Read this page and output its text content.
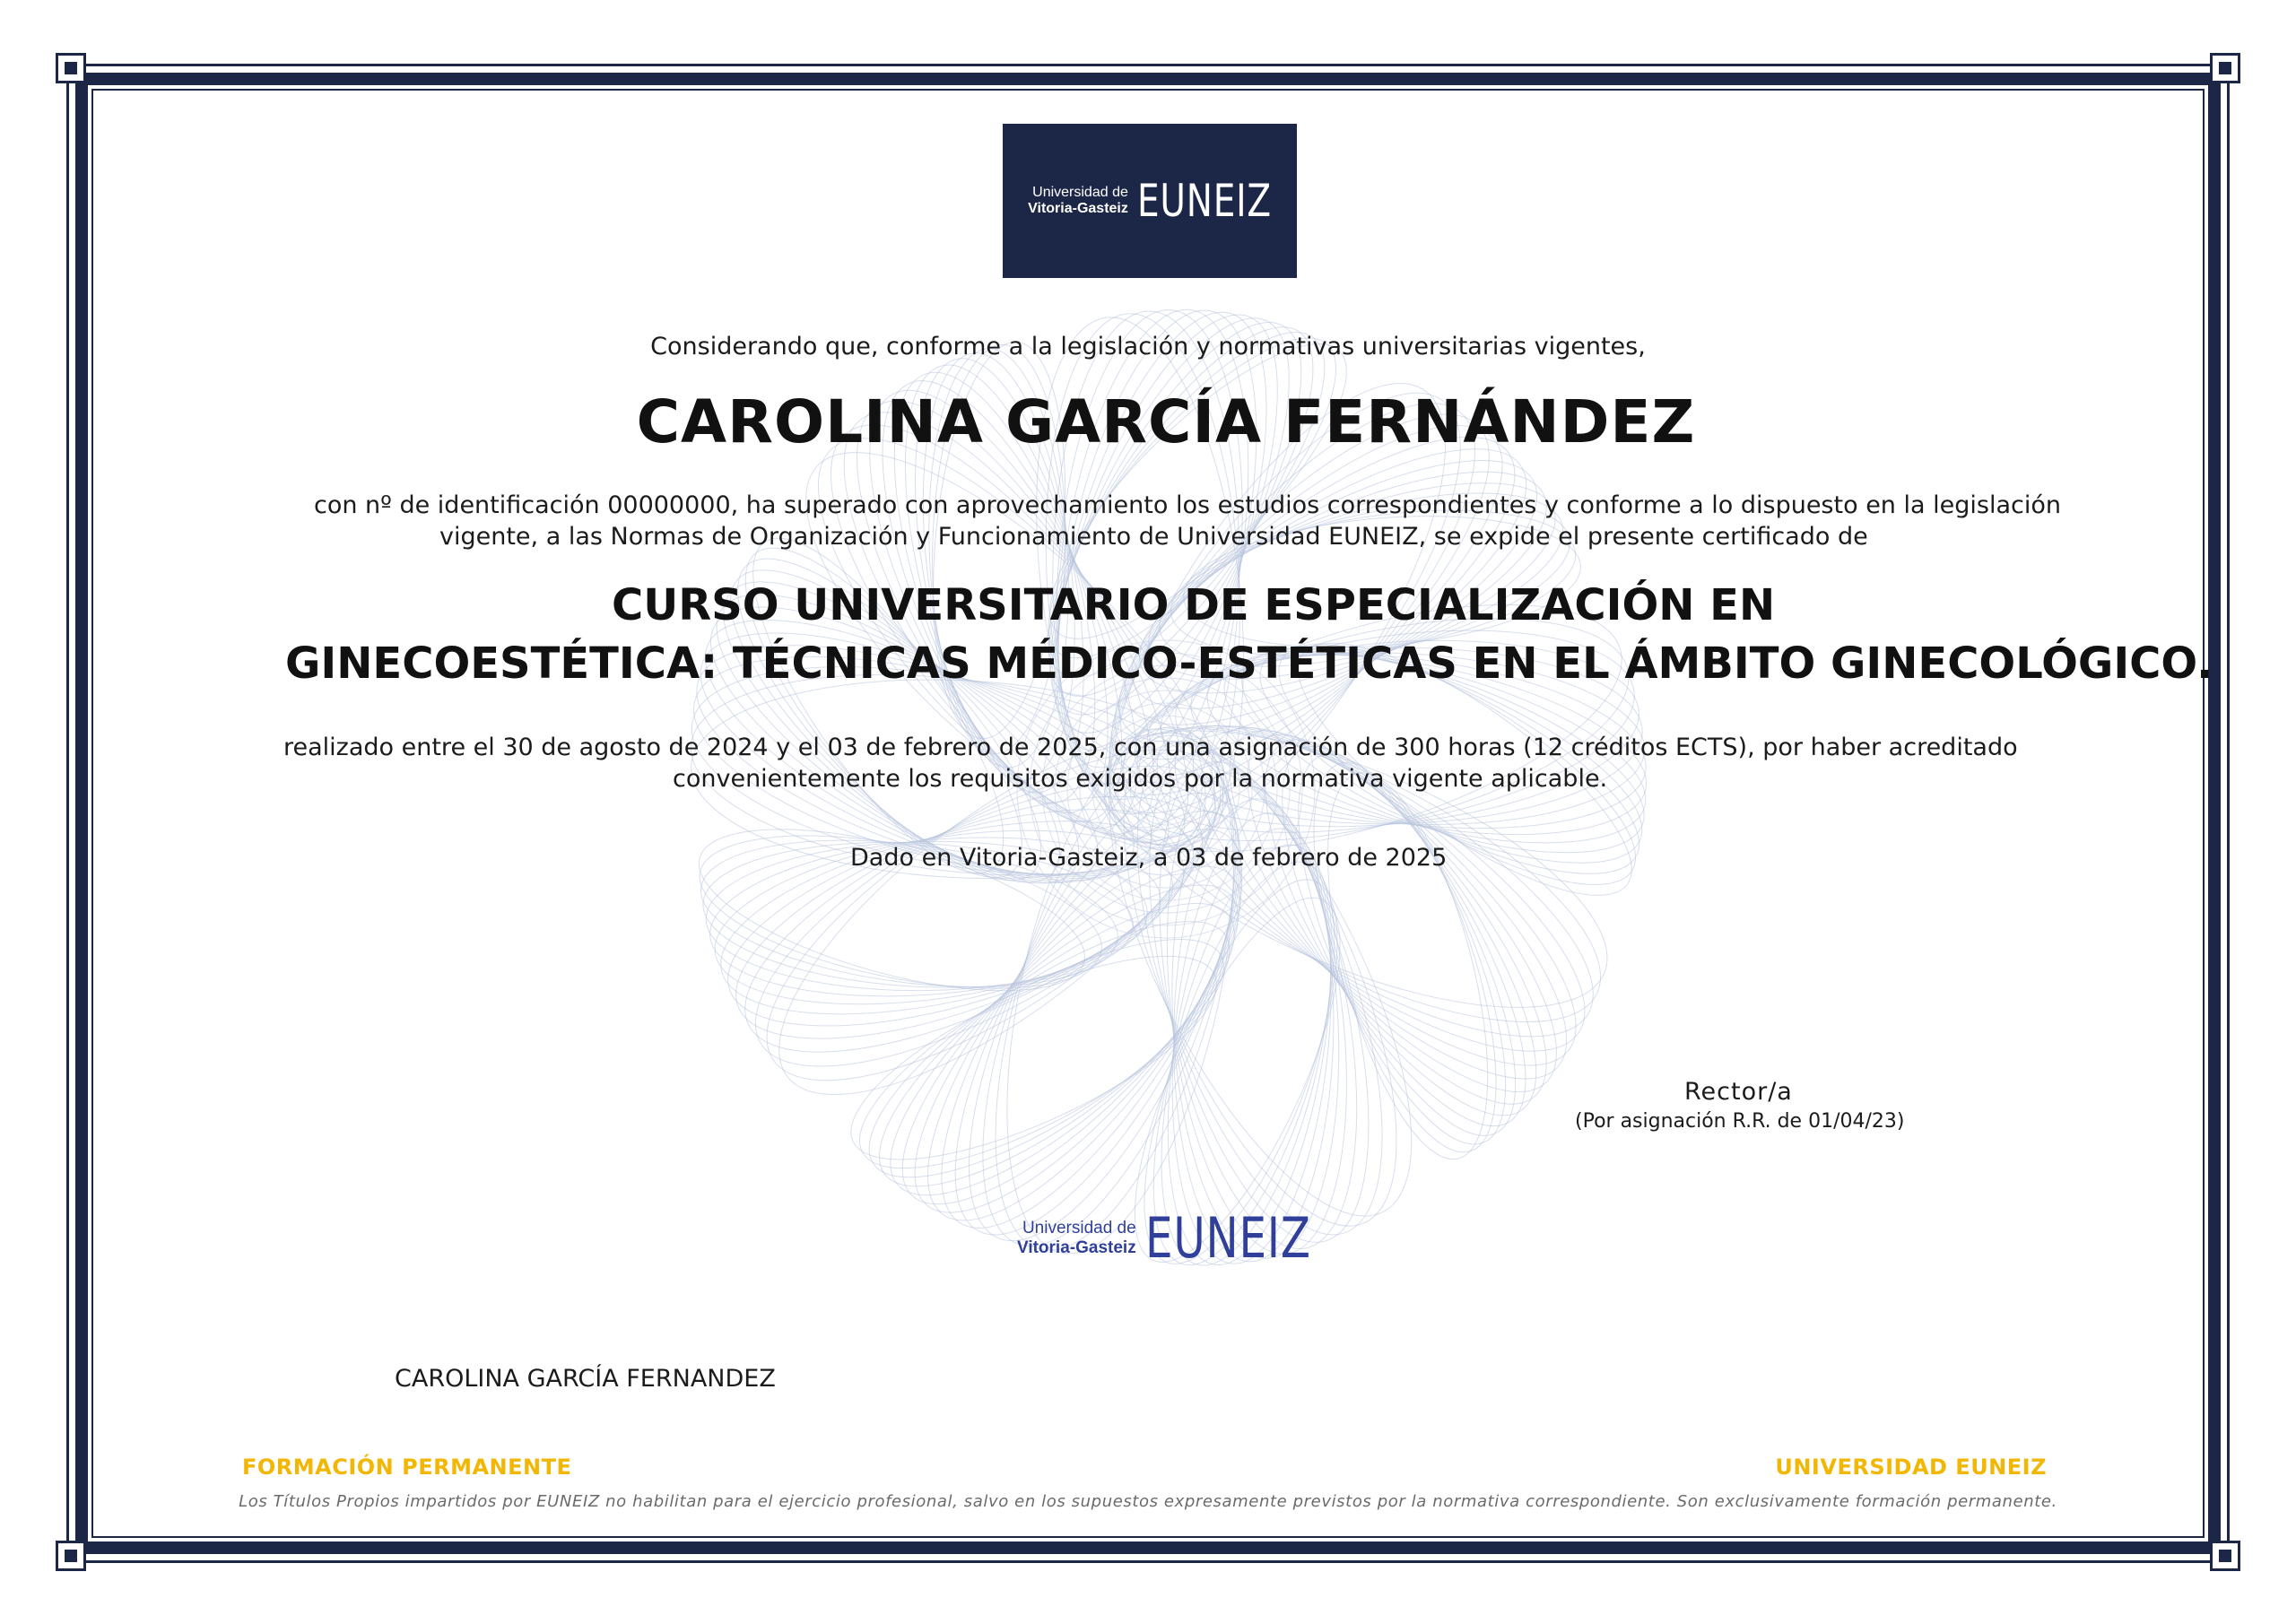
Universidad de
Vitoria-Gasteiz EUNEIZ
Considerando que, conforme a la legislación y normativas universitarias vigentes,
CAROLINA GARCÍA FERNÁNDEZ
con nº de identificación 00000000, ha superado con aprovechamiento los estudios correspondientes y conforme a lo dispuesto en la legislación
vigente, a las Normas de Organización y Funcionamiento de Universidad EUNEIZ, se expide el presente certificado de
CURSO UNIVERSITARIO DE ESPECIALIZACIÓN EN
GINECOESTÉTICA: TÉCNICAS MÉDICO-ESTÉTICAS EN EL ÁMBITO GINECOLÓGICO.
realizado entre el 30 de agosto de 2024 y el 03 de febrero de 2025, con una asignación de 300 horas (12 créditos ECTS), por haber acreditado
convenientemente los requisitos exigidos por la normativa vigente aplicable.
Dado en Vitoria-Gasteiz, a 03 de febrero de 2025
Rector/a
(Por asignación R.R. de 01/04/23)
Universidad de
Vitoria-Gasteiz EUNEIZ
CAROLINA GARCÍA FERNANDEZ
FORMACIÓN PERMANENTE	UNIVERSIDAD EUNEIZ
Los Títulos Propios impartidos por EUNEIZ no habilitan para el ejercicio profesional, salvo en los supuestos expresamente previstos por la normativa correspondiente. Son exclusivamente formación permanente.
